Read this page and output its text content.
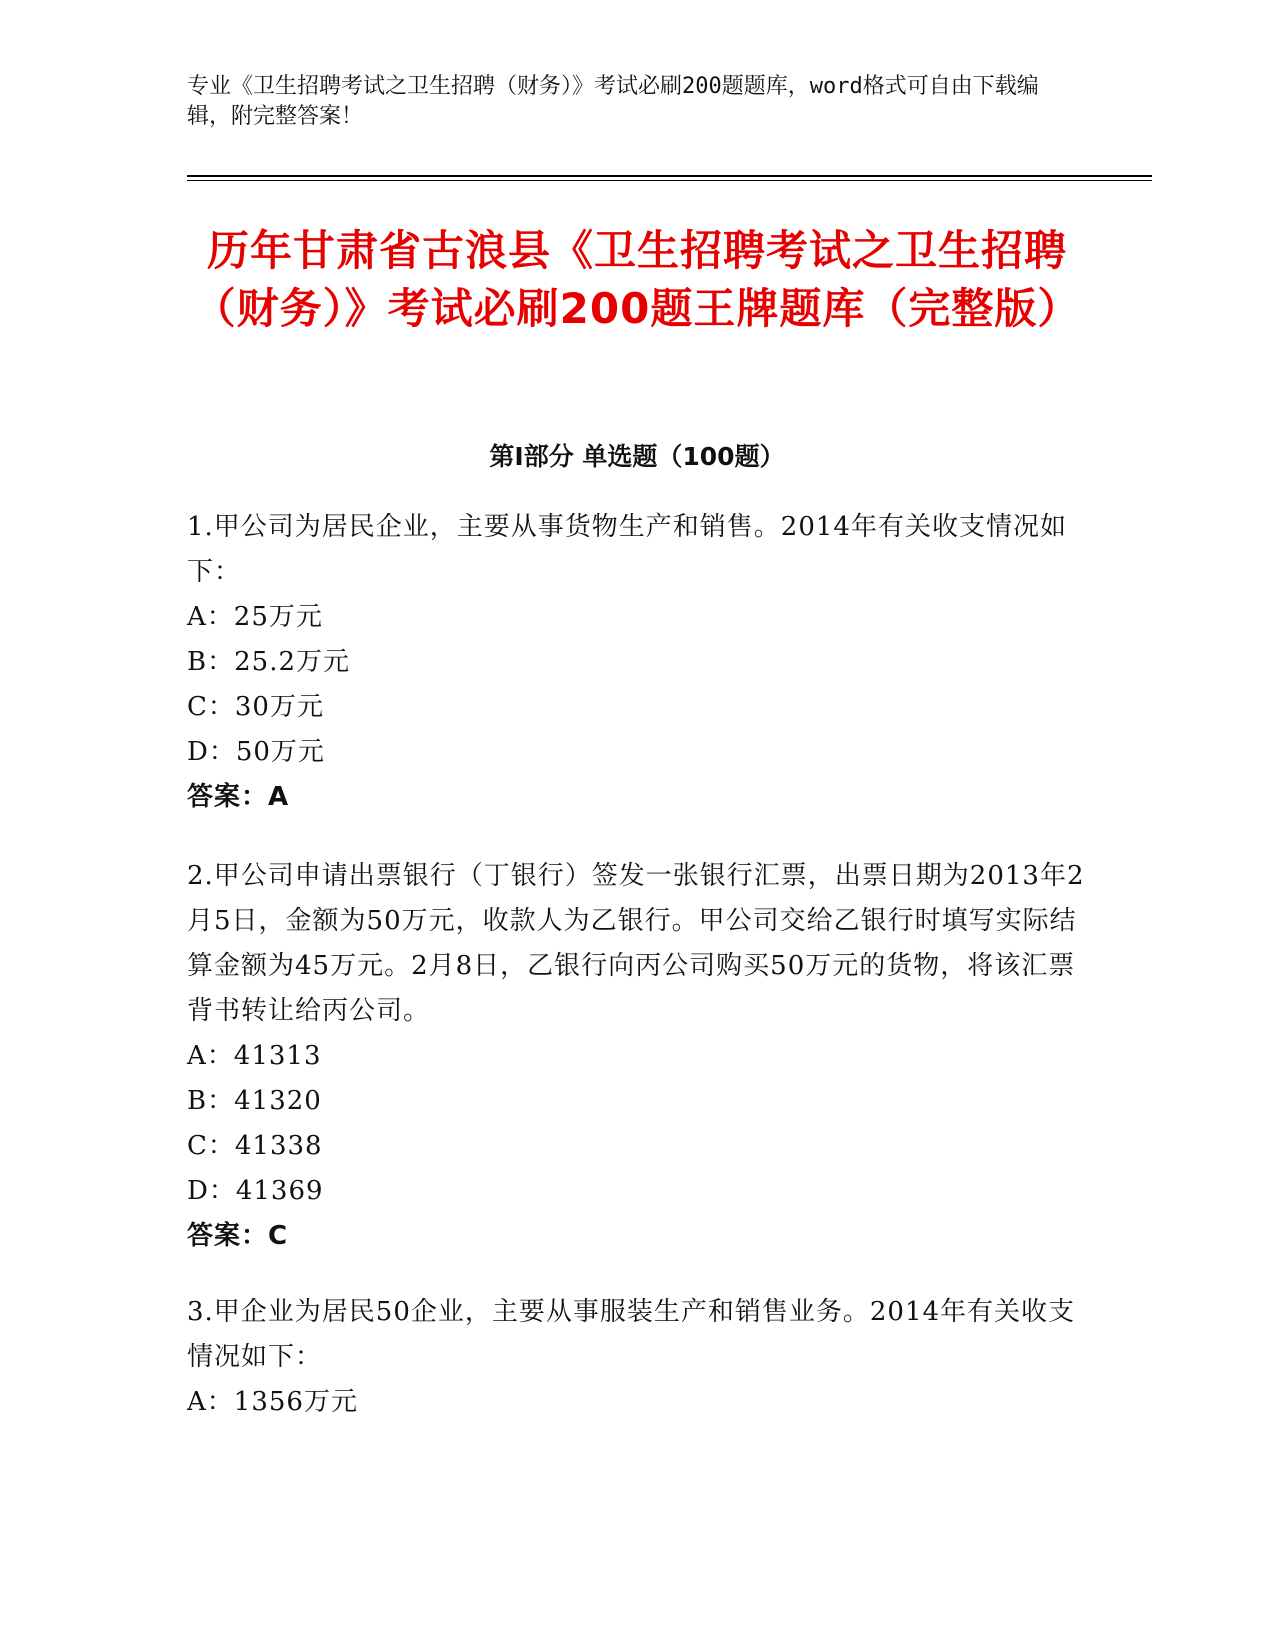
专业《卫生招聘考试之卫生招聘（财务）》考试必刷200题题库，word格式可自由下载编辑，附完整答案！
历年甘肃省古浪县《卫生招聘考试之卫生招聘（财务）》考试必刷200题王牌题库（完整版）
第I部分 单选题（100题）

1.甲公司为居民企业，主要从事货物生产和销售。2014年有关收支情况如下：

A：25万元

B：25.2万元

C：30万元

D：50万元

答案：A

2.甲公司申请出票银行（丁银行）签发一张银行汇票，出票日期为2013年2月5日，金额为50万元，收款人为乙银行。甲公司交给乙银行时填写实际结算金额为45万元。2月8日，乙银行向丙公司购买50万元的货物，将该汇票背书转让给丙公司。

A：41313

B：41320

C：41338

D：41369

答案：C

3.甲企业为居民50企业，主要从事服装生产和销售业务。2014年有关收支情况如下：

A：1356万元
